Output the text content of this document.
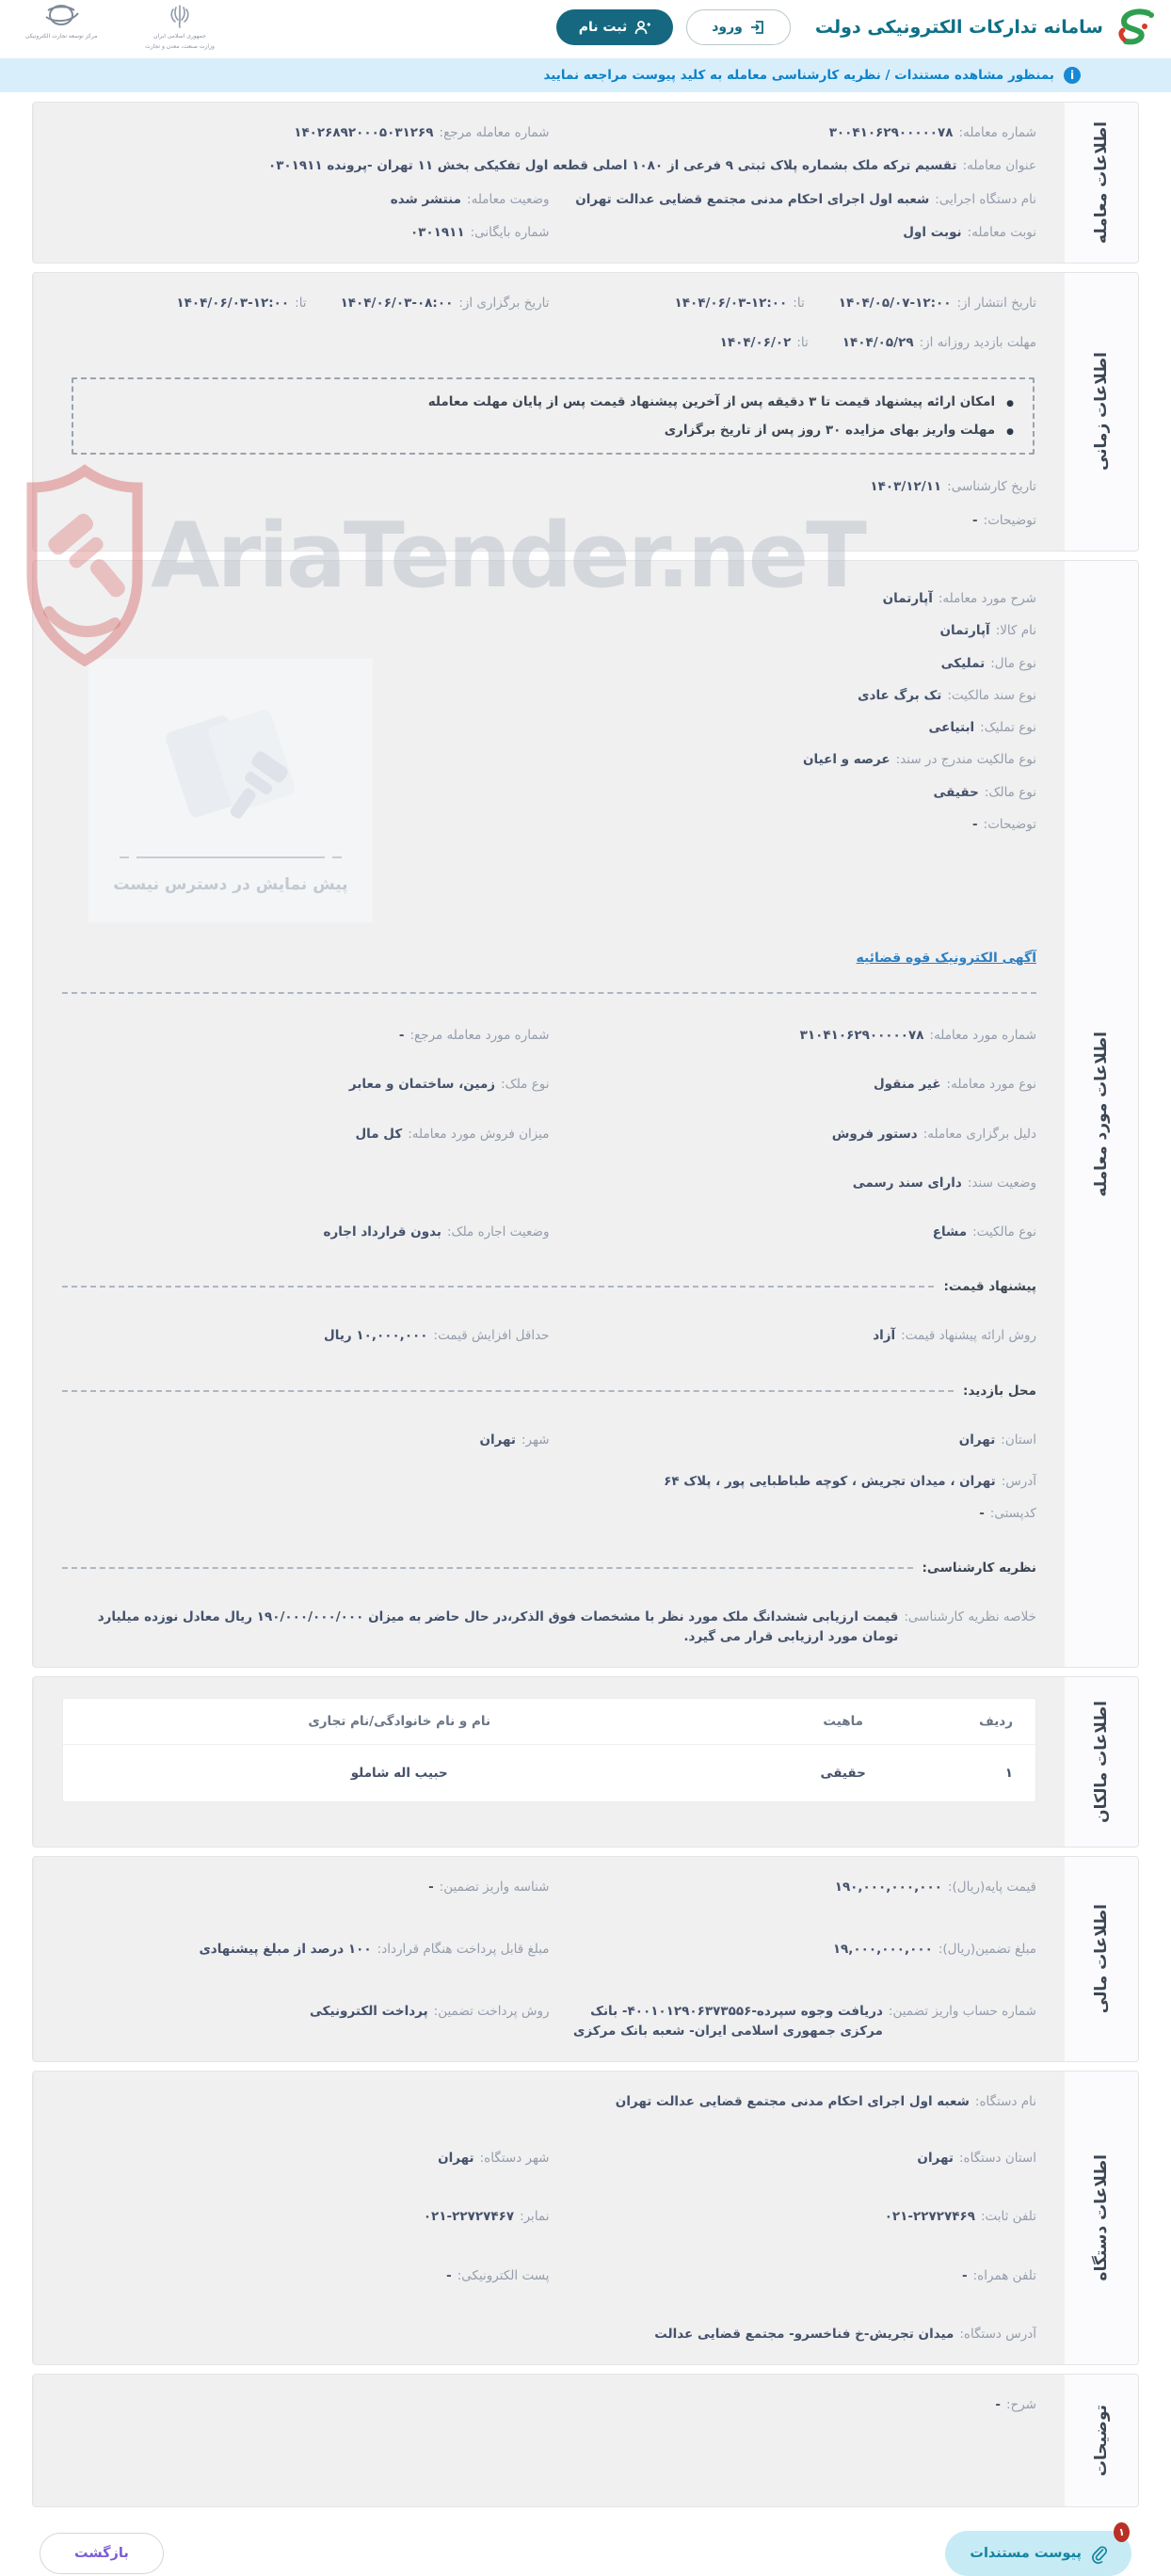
سامانه تدارکات الکترونیکی دولت
ورود
ثبت نام
جمهوری اسلامی ایران
وزارت صنعت، معدن و تجارت
مرکز توسعه تجارت الکترونیکی
i
بمنظور مشاهده مستندات / نظریه کارشناسی معامله به کلید پیوست مراجعه نمایید
اطلاعات معامله
شماره معامله:
۳۰۰۴۱۰۶۲۹۰۰۰۰۰۷۸
شماره معامله مرجع:
۱۴۰۲۶۸۹۲۰۰۰۵۰۳۱۲۶۹
عنوان معامله:
تقسیم ترکه ملک بشماره پلاک ثبتی ۹ فرعی از ۱۰۸۰ اصلی قطعه اول تفکیکی بخش ۱۱ تهران -پرونده ۰۳۰۱۹۱۱
نام دستگاه اجرایی:
شعبه اول اجرای احکام مدنی مجتمع قضایی عدالت تهران
وضعیت معامله:
منتشر شده
نوبت معامله:
نوبت اول
شماره بایگانی:
۰۳۰۱۹۱۱
اطلاعات زمانی
تاریخ انتشار از:
۱۴۰۴/۰۵/۰۷-۱۲:۰۰
تا:
۱۴۰۴/۰۶/۰۳-۱۲:۰۰
تاریخ برگزاری از:
۱۴۰۴/۰۶/۰۳-۰۸:۰۰
تا:
۱۴۰۴/۰۶/۰۳-۱۲:۰۰
مهلت بازدید روزانه از:
۱۴۰۴/۰۵/۲۹
تا:
۱۴۰۴/۰۶/۰۲
●
امکان ارائه پیشنهاد قیمت تا ۳ دقیقه پس از آخرین پیشنهاد قیمت پس از پایان مهلت معامله
●
مهلت واریز بهای مزایده ۳۰ روز پس از تاریخ برگزاری
تاریخ کارشناسی:
۱۴۰۳/۱۲/۱۱
توضیحات:
-
اطلاعات مورد معامله
شرح مورد معامله:
آپارتمان
نام کالا:
آپارتمان
نوع مال:
تملیکی
نوع سند مالکیت:
تک برگ عادی
نوع تملیک:
ابتیاعی
نوع مالکیت مندرج در سند:
عرصه و اعیان
نوع مالک:
حقیقی
توضیحات:
-
پیش نمایش در دسترس نیست
آگهی الکترونیک قوه قضائیه
شماره مورد معامله:
۳۱۰۴۱۰۶۲۹۰۰۰۰۰۷۸
شماره مورد معامله مرجع:
-
نوع مورد معامله:
غیر منقول
نوع ملک:
زمین، ساختمان و معابر
دلیل برگزاری معامله:
دستور فروش
میزان فروش مورد معامله:
کل مال
وضعیت سند:
دارای سند رسمی
نوع مالکیت:
مشاع
وضعیت اجاره ملک:
بدون قرارداد اجاره
پیشنهاد قیمت:
روش ارائه پیشنهاد قیمت:
آزاد
حداقل افزایش قیمت:
۱۰,۰۰۰,۰۰۰ ریال
محل بازدید:
استان:
تهران
شهر:
تهران
آدرس:
تهران ، میدان تجریش ، کوچه طباطبایی پور ، پلاک ۶۴
کدپستی:
-
نظریه کارشناسی:
خلاصه نظریه کارشناسی:
قیمت ارزیابی ششدانگ ملک مورد نظر با مشخصات فوق الذکر،در حال حاضر به میزان ۱۹۰/۰۰۰/۰۰۰/۰۰۰ ریال معادل نوزده میلیارد تومان مورد ارزیابی قرار می گیرد.
اطلاعات مالکان
ردیف	ماهیت	نام و نام خانوادگی/نام تجاری
۱	حقیقی	حبیب اله شاملو
اطلاعات مالی
قیمت پایه(ریال):
۱۹۰,۰۰۰,۰۰۰,۰۰۰
شناسه واریز تضمین:
-
مبلغ تضمین(ریال):
۱۹,۰۰۰,۰۰۰,۰۰۰
مبلغ قابل پرداخت هنگام قرارداد:
۱۰۰ درصد از مبلغ پیشنهادی
شماره حساب واریز تضمین:
دریافت وجوه سپرده-۴۰۰۱۰۱۲۹۰۶۳۷۳۵۵۶- بانک مرکزی جمهوری اسلامی ایران- شعبه بانک مرکزی
روش پرداخت تضمین:
پرداخت الکترونیکی
اطلاعات دستگاه
نام دستگاه:
شعبه اول اجرای احکام مدنی مجتمع قضایی عدالت تهران
استان دستگاه:
تهران
شهر دستگاه:
تهران
تلفن ثابت:
۰۲۱-۲۲۷۲۷۴۶۹
نمابر:
۰۲۱-۲۲۷۲۷۴۶۷
تلفن همراه:
-
پست الکترونیکی:
-
آدرس دستگاه:
میدان تجریش-خ فناخسرو- مجتمع قضایی عدالت
توضیحات
شرح:
-
پیوست مستندات
۱
بازگشت
AriaTender.neT
